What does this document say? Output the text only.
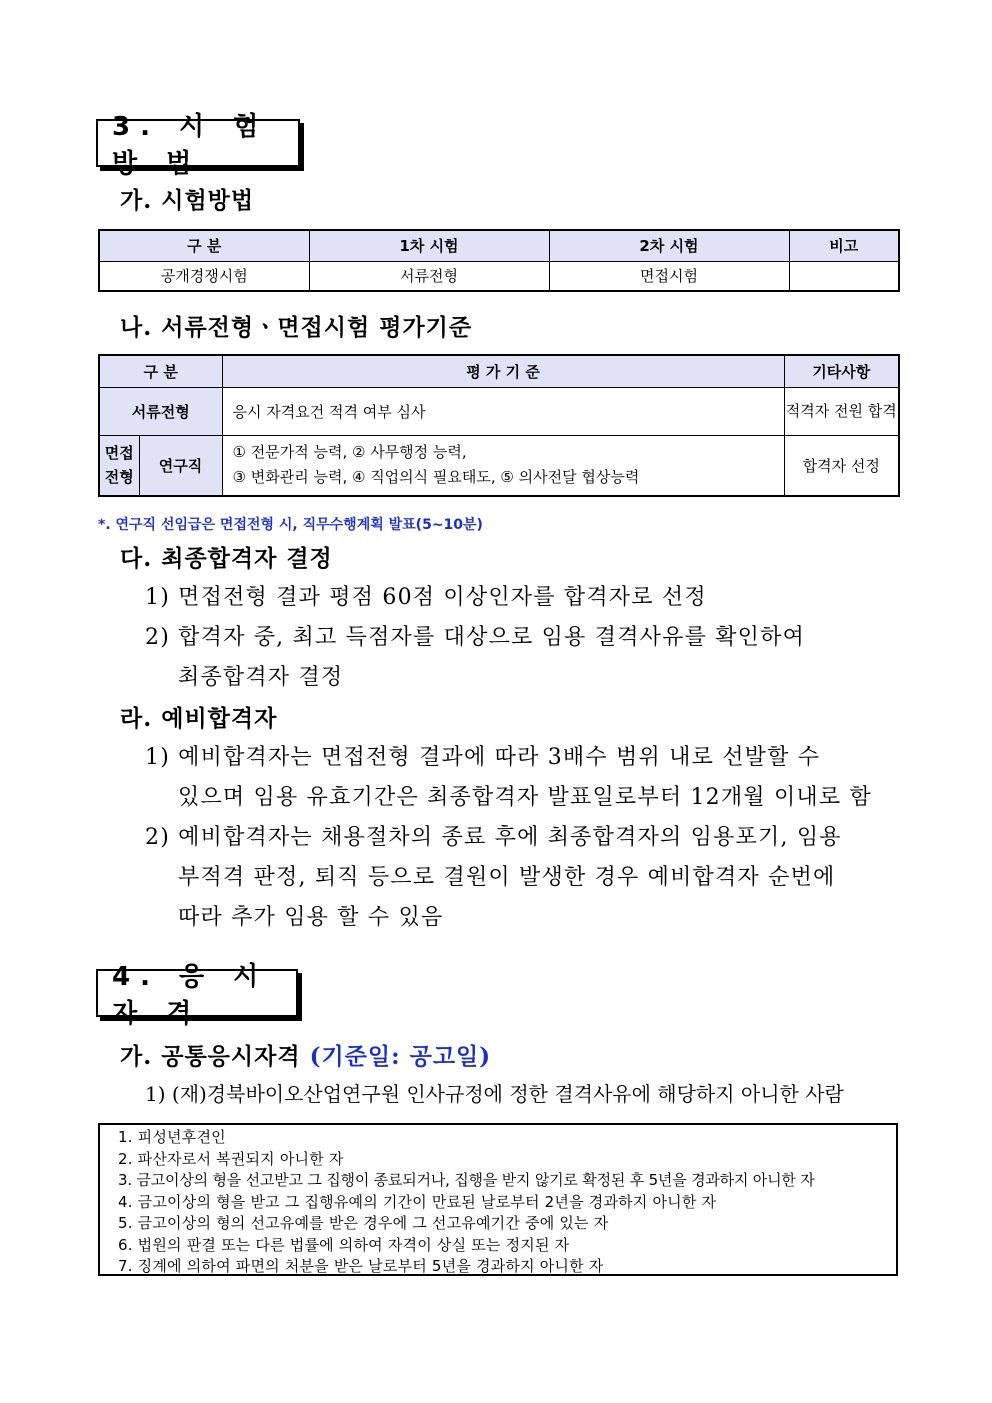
3. 시 험 방 법
가. 시험방법
구 분	1차 시험	2차 시험	비고
공개경쟁시험	서류전형	면접시험	
나. 서류전형ㆍ면접시험 평가기준
구 분		평 가 기 준	기타사항
서류전형		응시 자격요건 적격 여부 심사	적격자 전원 합격
면접 전형	연구직	① 전문가적 능력, ② 사무행정 능력,
③ 변화관리 능력, ④ 직업의식 필요태도, ⑤ 의사전달 협상능력	합격자 선정
*. 연구직 선임급은 면접전형 시, 직무수행계획 발표(5~10분)
다. 최종합격자 결정
1) 면접전형 결과 평점 60점 이상인자를 합격자로 선정
2) 합격자 중, 최고 득점자를 대상으로 임용 결격사유를 확인하여
최종합격자 결정
라. 예비합격자
1) 예비합격자는 면접전형 결과에 따라 3배수 범위 내로 선발할 수
있으며 임용 유효기간은 최종합격자 발표일로부터 12개월 이내로 함
2) 예비합격자는 채용절차의 종료 후에 최종합격자의 임용포기, 임용
부적격 판정, 퇴직 등으로 결원이 발생한 경우 예비합격자 순번에
따라 추가 임용 할 수 있음
4. 응 시 자 격
가. 공통응시자격 (기준일: 공고일)
1) (재)경북바이오산업연구원 인사규정에 정한 결격사유에 해당하지 아니한 사람
1. 피성년후견인
2. 파산자로서 복권되지 아니한 자
3. 금고이상의 형을 선고받고 그 집행이 종료되거나, 집행을 받지 않기로 확정된 후 5년을 경과하지 아니한 자
4. 금고이상의 형을 받고 그 집행유예의 기간이 만료된 날로부터 2년을 경과하지 아니한 자
5. 금고이상의 형의 선고유예를 받은 경우에 그 선고유예기간 중에 있는 자
6. 법원의 판결 또는 다른 법률에 의하여 자격이 상실 또는 정지된 자
7. 징계에 의하여 파면의 처분을 받은 날로부터 5년을 경과하지 아니한 자
